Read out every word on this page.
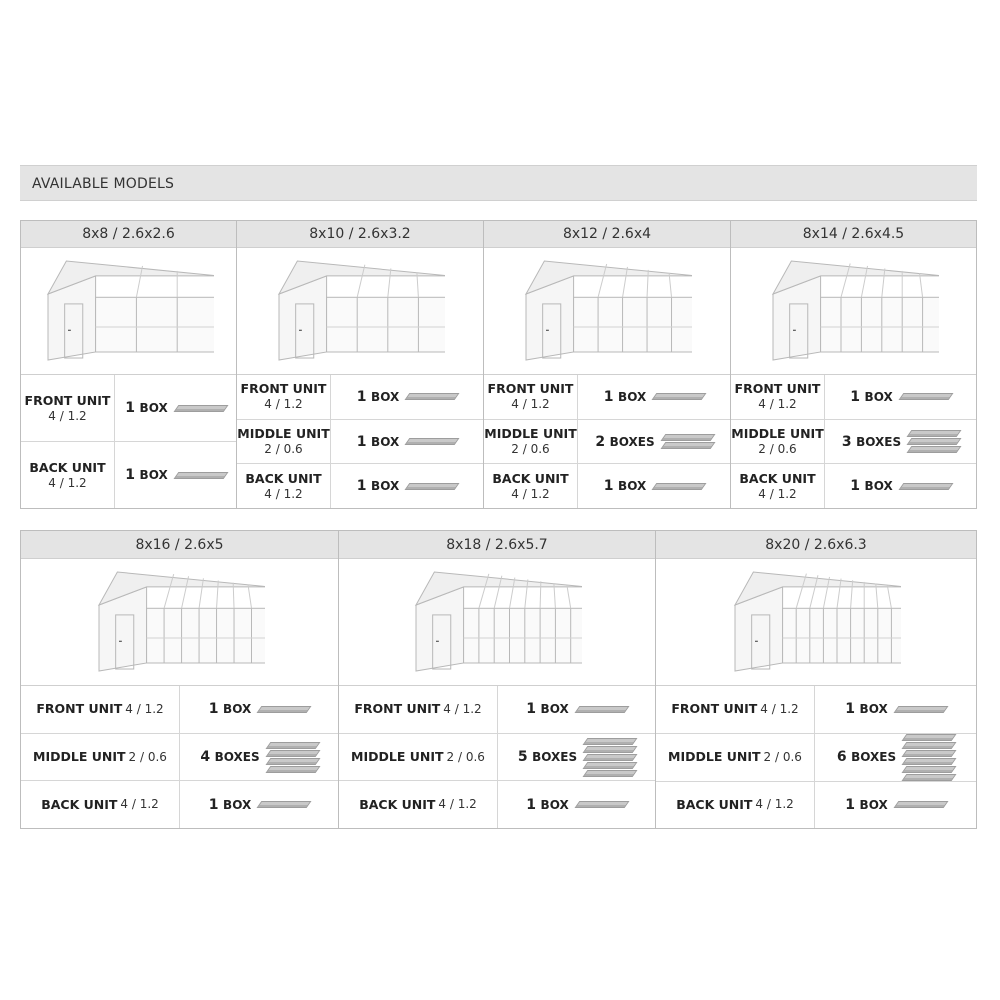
AVAILABLE MODELS
8x8 / 2.6x2.6
FRONT UNIT
4 / 1.2	1 BOX
BACK UNIT
4 / 1.2	1 BOX
8x10 / 2.6x3.2
FRONT UNIT
4 / 1.2	1 BOX
MIDDLE UNIT
2 / 0.6	1 BOX
BACK UNIT
4 / 1.2	1 BOX
8x12 / 2.6x4
FRONT UNIT
4 / 1.2	1 BOX
MIDDLE UNIT
2 / 0.6	2 BOXES
BACK UNIT
4 / 1.2	1 BOX
8x14 / 2.6x4.5
FRONT UNIT
4 / 1.2	1 BOX
MIDDLE UNIT
2 / 0.6	3 BOXES
BACK UNIT
4 / 1.2	1 BOX
8x16 / 2.6x5
FRONT UNIT 4 / 1.2	1 BOX
MIDDLE UNIT 2 / 0.6 4 BOXES
BACK UNIT 4 / 1.2	1 BOX
8x18 / 2.6x5.7
FRONT UNIT 4 / 1.2	1 BOX
MIDDLE UNIT 2 / 0.6 5 BOXES
BACK UNIT 4 / 1.2	1 BOX
8x20 / 2.6x6.3
FRONT UNIT 4 / 1.2	1 BOX
MIDDLE UNIT 2 / 0.6 6 BOXES
BACK UNIT 4 / 1.2	1 BOX
